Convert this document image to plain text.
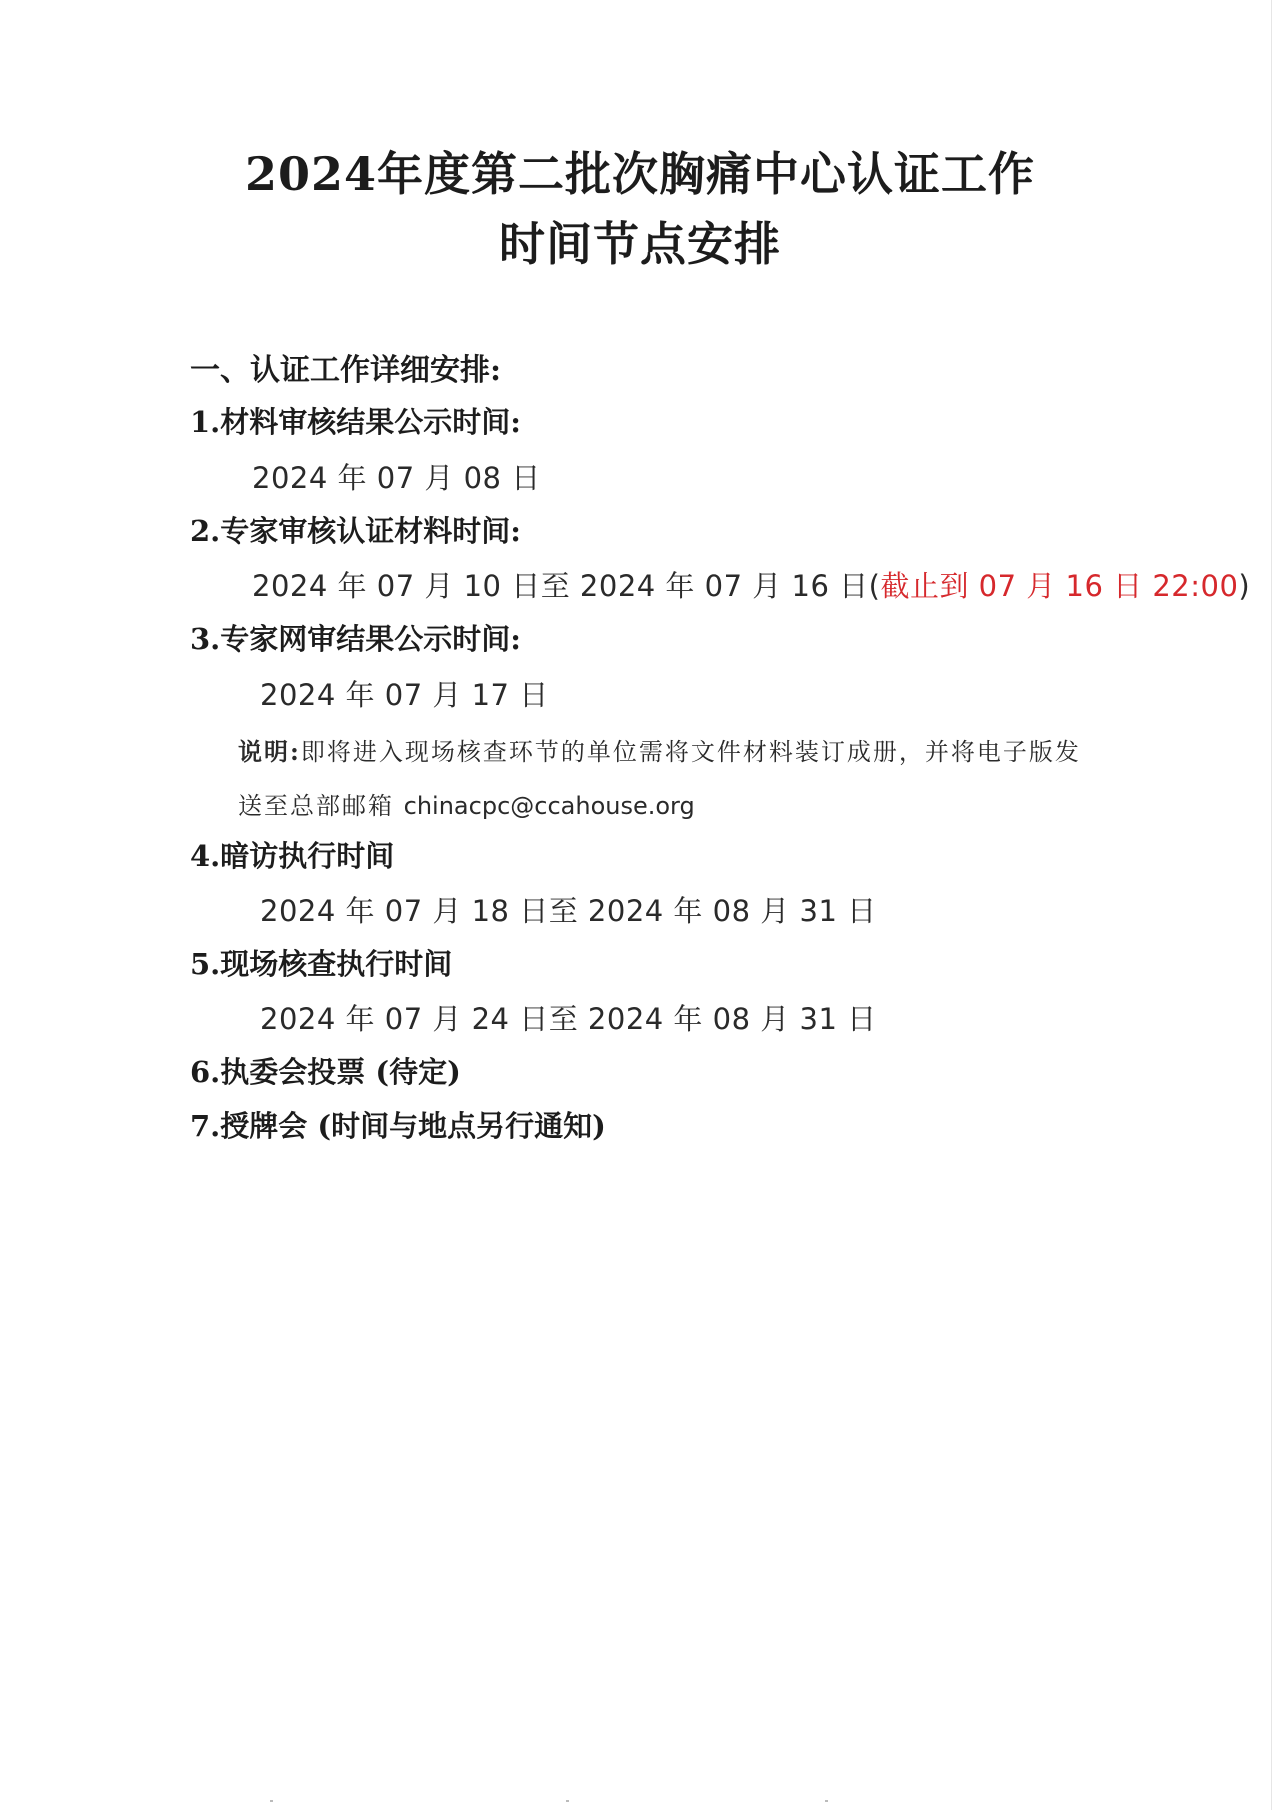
2024年度第二批次胸痛中心认证工作
时间节点安排
一、认证工作详细安排:
1.材料审核结果公示时间:
2024 年 07 月 08 日
2.专家审核认证材料时间:
2024 年 07 月 10 日至 2024 年 07 月 16 日(截止到 07 月 16 日 22:00)
3.专家网审结果公示时间:
2024 年 07 月 17 日
说明:即将进入现场核查环节的单位需将文件材料装订成册，并将电子版发
送至总部邮箱 chinacpc@ccahouse.org
4.暗访执行时间
2024 年 07 月 18 日至 2024 年 08 月 31 日
5.现场核查执行时间
2024 年 07 月 24 日至 2024 年 08 月 31 日
6.执委会投票 (待定)
7.授牌会 (时间与地点另行通知)
